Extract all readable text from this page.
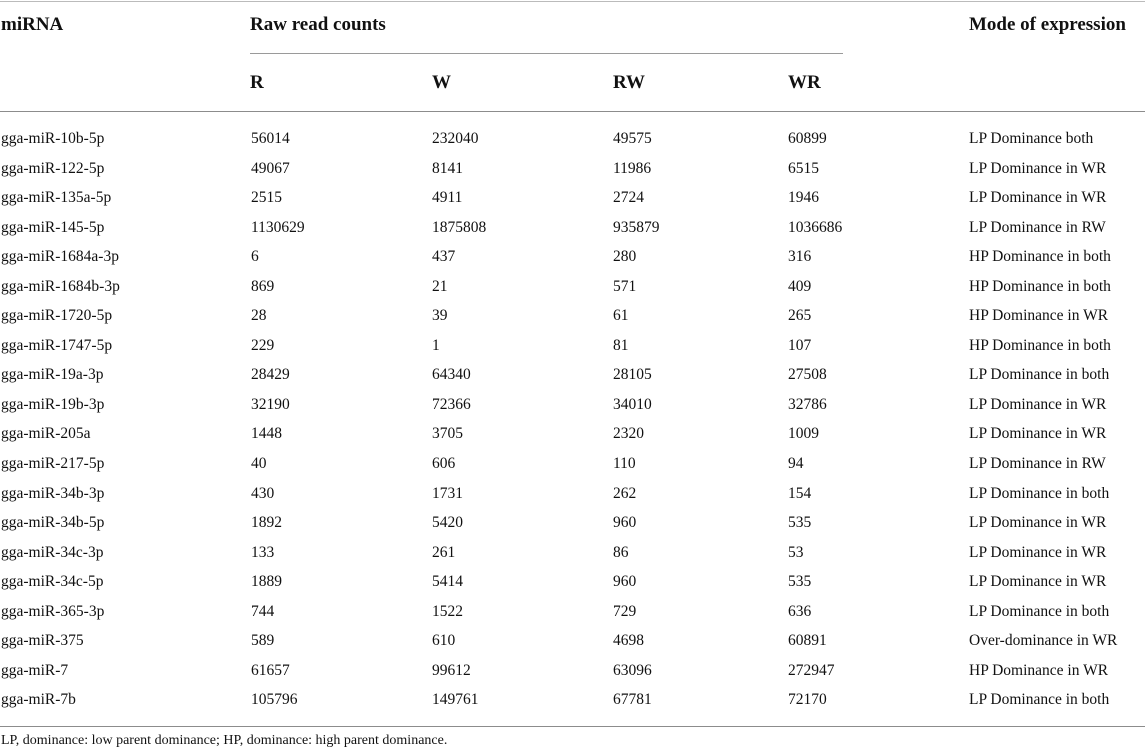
miRNA	Raw read counts	Mode of expression
R	W	RW	WR
gga-miR-10b-5p	56014	232040	49575	60899	LP Dominance both
gga-miR-122-5p	49067	8141	11986	6515	LP Dominance in WR
gga-miR-135a-5p	2515	4911	2724	1946	LP Dominance in WR
gga-miR-145-5p	1130629	1875808	935879	1036686	LP Dominance in RW
gga-miR-1684a-3p	6	437	280	316	HP Dominance in both
gga-miR-1684b-3p	869	21	571	409	HP Dominance in both
gga-miR-1720-5p	28	39	61	265	HP Dominance in WR
gga-miR-1747-5p	229	1	81	107	HP Dominance in both
gga-miR-19a-3p	28429	64340	28105	27508	LP Dominance in both
gga-miR-19b-3p	32190	72366	34010	32786	LP Dominance in WR
gga-miR-205a	1448	3705	2320	1009	LP Dominance in WR
gga-miR-217-5p	40	606	110	94	LP Dominance in RW
gga-miR-34b-3p	430	1731	262	154	LP Dominance in both
gga-miR-34b-5p	1892	5420	960	535	LP Dominance in WR
gga-miR-34c-3p	133	261	86	53	LP Dominance in WR
gga-miR-34c-5p	1889	5414	960	535	LP Dominance in WR
gga-miR-365-3p	744	1522	729	636	LP Dominance in both
gga-miR-375	589	610	4698	60891	Over-dominance in WR
gga-miR-7	61657	99612	63096	272947	HP Dominance in WR
gga-miR-7b	105796	149761	67781	72170	LP Dominance in both
LP, dominance: low parent dominance; HP, dominance: high parent dominance.
